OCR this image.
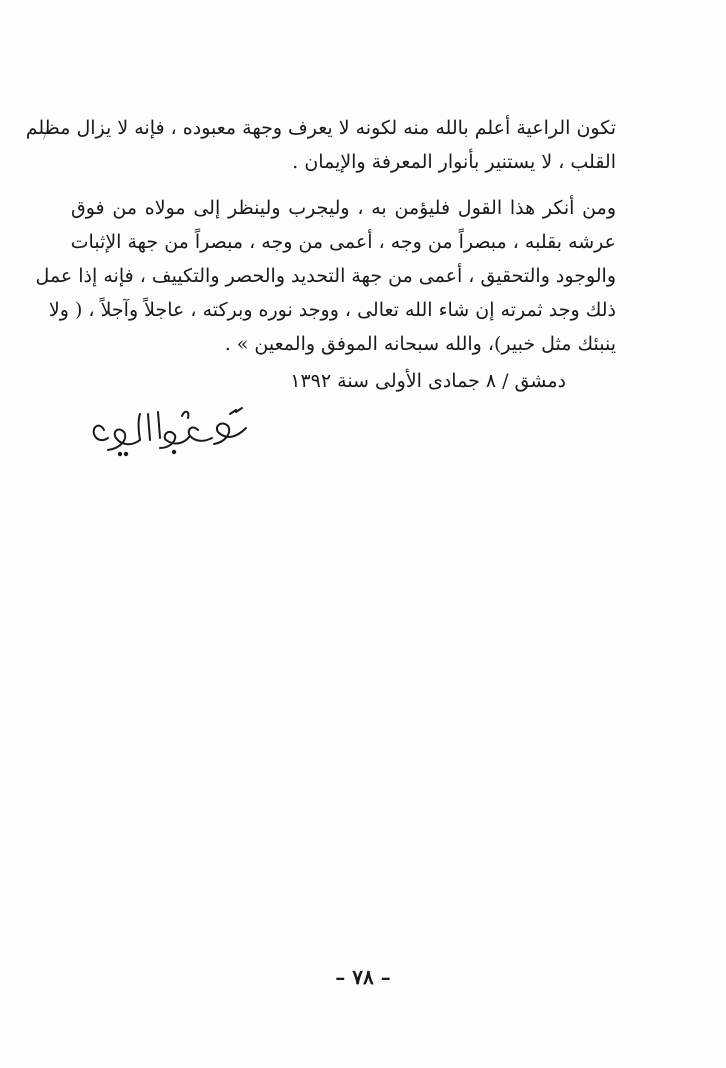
تكون الراعية أعلم بالله منه لكونه لا يعرف وجهة معبوده ، فإنه لا يزال مظلم
القلب ، لا يستنير بأنوار المعرفة والإيمان .
ومن أنكر هذا القول فليؤمن به ، وليجرب ولينظر إلى مولاه من فوق
عرشه بقلبه ، مبصراً من وجه ، أعمى من وجه ، مبصراً من جهة الإثبات
والوجود والتحقيق ، أعمى من جهة التحديد والحصر والتكييف ، فإنه إذا عمل
ذلك وجد ثمرته إن شاء الله تعالى ، ووجد نوره وبركته ، عاجلاً وآجلاً ، ( ولا
ينبئك مثل خبير)، والله سبحانه الموفق والمعين » .
دمشق / ٨ جمادى الأولى سنة ١٣٩٢
– ٧٨ –
